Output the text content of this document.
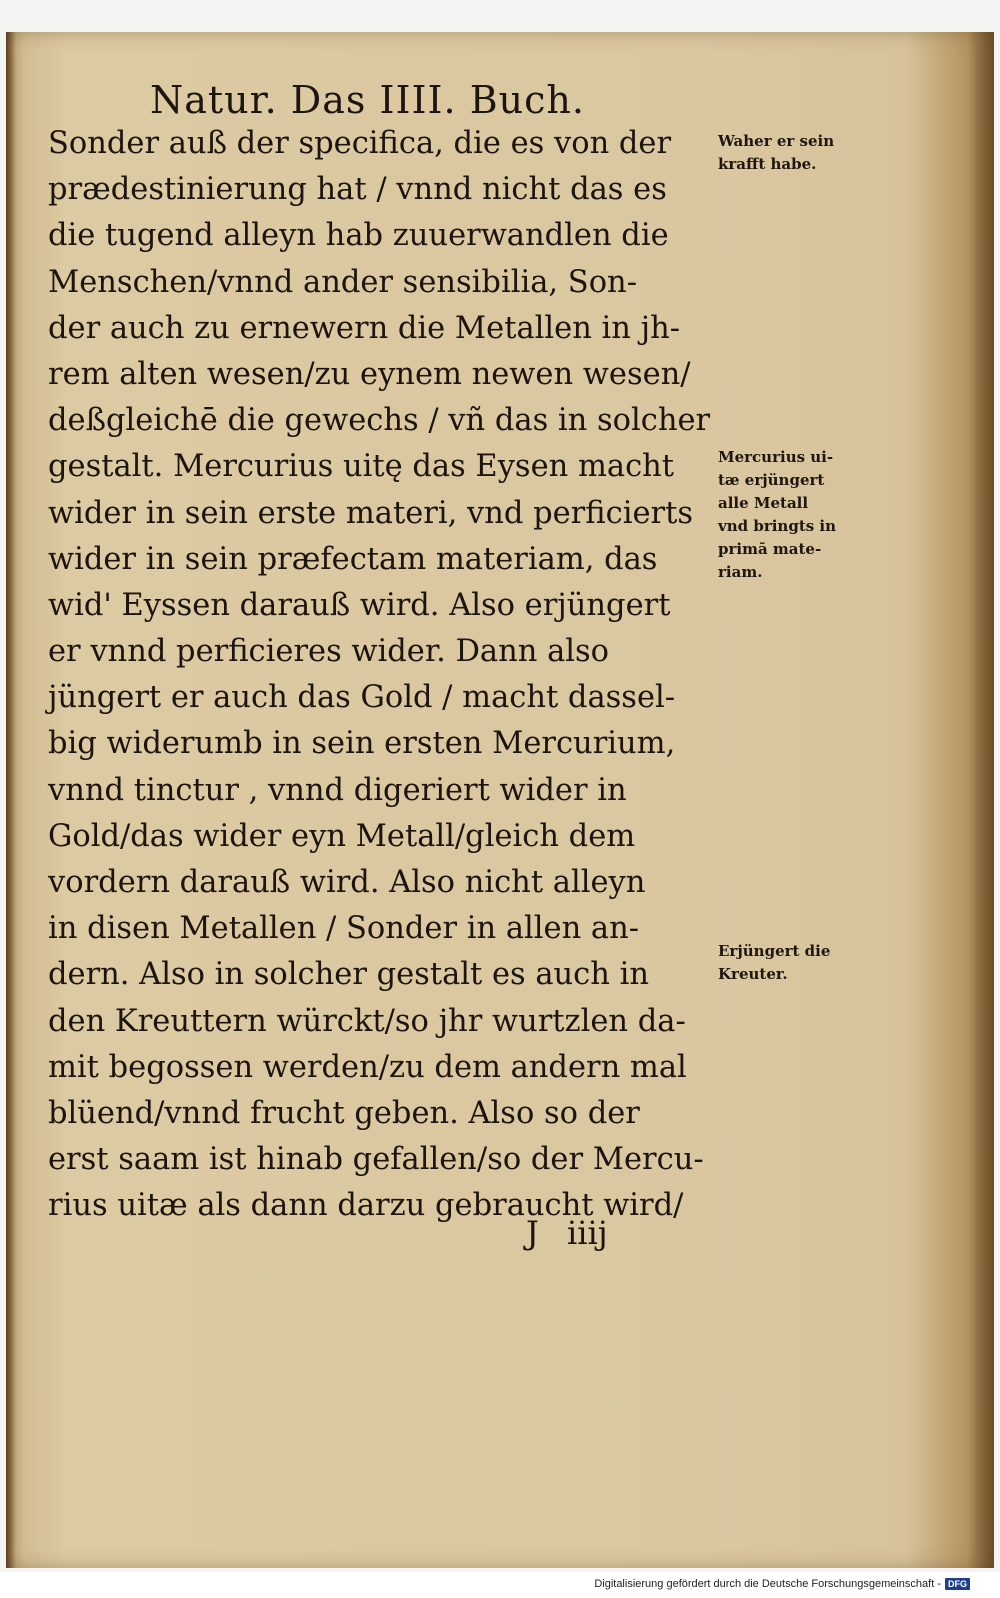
Natur. Das IIII. Buch.
Sonder auß der specifica, die es von der
prædestinierung hat / vnnd nicht das es
die tugend alleyn hab zuuerwandlen die
Menschen/vnnd ander sensibilia, Son-
der auch zu ernewern die Metallen in jh-
rem alten wesen/zu eynem newen wesen/
deßgleichē die gewechs / vñ das in solcher
gestalt. Mercurius uitę das Eysen macht
wider in sein erste materi, vnd perficierts
wider in sein præfectam materiam, das
wid' Eyssen darauß wird. Also erjüngert
er vnnd perficieres wider. Dann also
jüngert er auch das Gold / macht dassel-
big widerumb in sein ersten Mercurium,
vnnd tinctur , vnnd digeriert wider in
Gold/das wider eyn Metall/gleich dem
vordern darauß wird. Also nicht alleyn
in disen Metallen / Sonder in allen an-
dern. Also in solcher gestalt es auch in
den Kreuttern würckt/so jhr wurtzlen da-
mit begossen werden/zu dem andern mal
blüend/vnnd frucht geben. Also so der
erst saam ist hinab gefallen/so der Mercu-
rius uitæ als dann darzu gebraucht wird/
Waher er sein
krafft habe.
Mercurius ui-
tæ erjüngert
alle Metall
vnd bringts in
primā mate-
riam.
Erjüngert die
Kreuter.
J iiij
Digitalisierung gefördert durch die Deutsche Forschungsgemeinschaft - DFG
